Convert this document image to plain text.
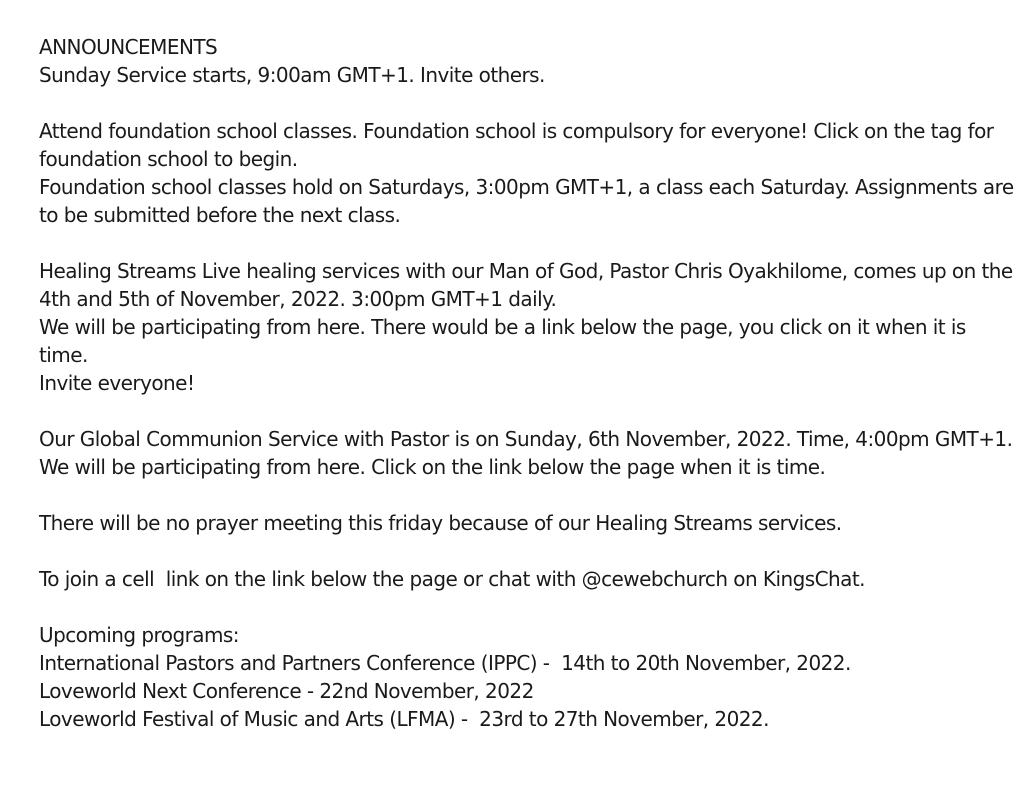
ANNOUNCEMENTS

Sunday Service starts, 9:00am GMT+1. Invite others.

Attend foundation school classes. Foundation school is compulsory for everyone! Click on the tag for foundation school to begin.

Foundation school classes hold on Saturdays, 3:00pm GMT+1, a class each Saturday. Assignments are to be submitted before the next class.

Healing Streams Live healing services with our Man of God, Pastor Chris Oyakhilome, comes up on the 4th and 5th of November, 2022. 3:00pm GMT+1 daily.

We will be participating from here. There would be a link below the page, you click on it when it is time.

Invite everyone!

Our Global Communion Service with Pastor is on Sunday, 6th November, 2022. Time, 4:00pm GMT+1. We will be participating from here. Click on the link below the page when it is time.

There will be no prayer meeting this friday because of our Healing Streams services.

To join a cell  link on the link below the page or chat with @cewebchurch on KingsChat.

Upcoming programs:

International Pastors and Partners Conference (IPPC) -  14th to 20th November, 2022.

Loveworld Next Conference - 22nd November, 2022

Loveworld Festival of Music and Arts (LFMA) -  23rd to 27th November, 2022.
